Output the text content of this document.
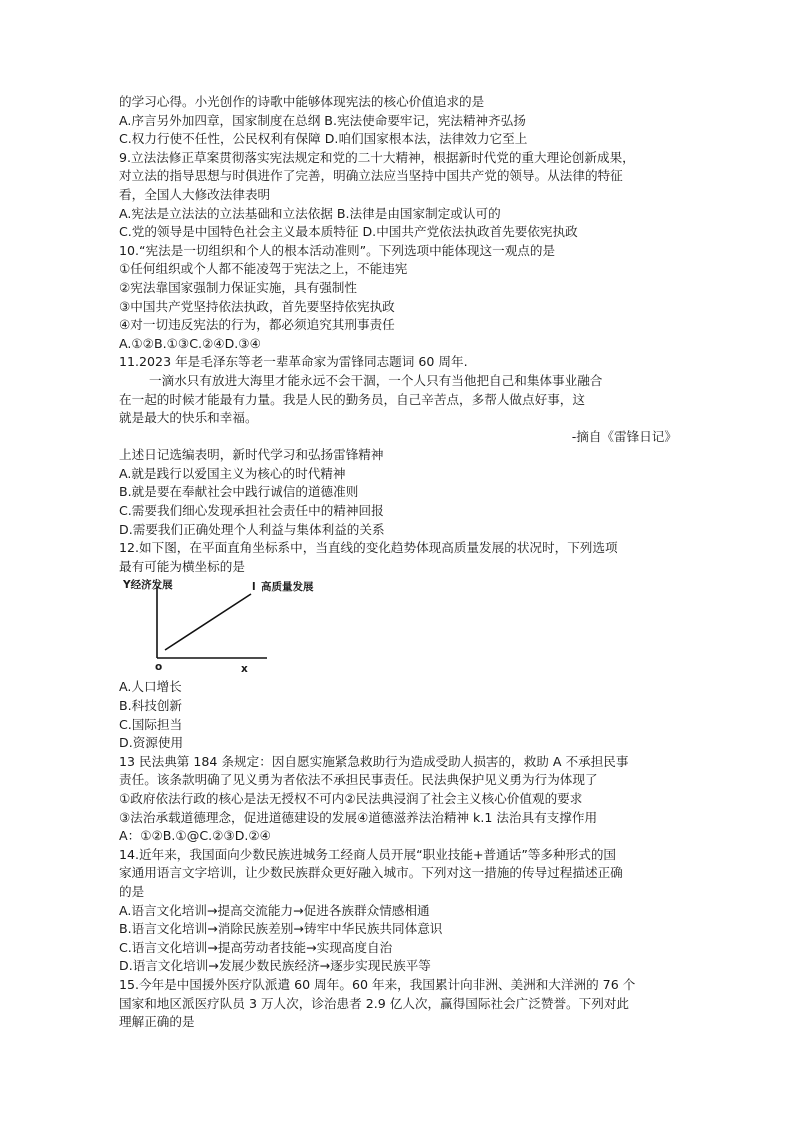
的学习心得。小光创作的诗歌中能够体现宪法的核心价值追求的是
A.序言另外加四章，国家制度在总纲 B.宪法使命要牢记，宪法精神齐弘扬
C.权力行使不任性，公民权利有保障 D.咱们国家根本法，法律效力它至上
9.立法法修正草案贯彻落实宪法规定和党的二十大精神，根据新时代党的重大理论创新成果，
对立法的指导思想与时俱进作了完善，明确立法应当坚持中国共产党的领导。从法律的特征
看，全国人大修改法律表明
A.宪法是立法法的立法基础和立法依据 B.法律是由国家制定或认可的
C.党的领导是中国特色社会主义最本质特征 D.中国共产党依法执政首先要依宪执政
10.“宪法是一切组织和个人的根本活动准则”。下列选项中能体现这一观点的是
①任何组织或个人都不能凌驾于宪法之上，不能违宪
②宪法靠国家强制力保证实施，具有强制性
③中国共产党坚持依法执政，首先要坚持依宪执政
④对一切违反宪法的行为，都必须追究其刑事责任
A.①②B.①③C.②④D.③④
11.2023 年是毛泽东等老一辈革命家为雷锋同志题词 60 周年.
一滴水只有放进大海里才能永远不会干涸，一个人只有当他把自己和集体事业融合
在一起的时候才能最有力量。我是人民的勤务员，自己辛苦点，多帮人做点好事，这
就是最大的快乐和幸福。
-摘自《雷锋日记》
上述日记选编表明，新时代学习和弘扬雷锋精神
A.就是践行以爱国主义为核心的时代精神
B.就是要在奉献社会中践行诚信的道德准则
C.需要我们细心发现承担社会责任中的精神回报
D.需要我们正确处理个人利益与集体利益的关系
12.如下图，在平面直角坐标系中，当直线的变化趋势体现高质量发展的状况时，下列选项
最有可能为横坐标的是
Y经济发展	l 高质量发展
o	x
A.人口增长
B.科技创新
C.国际担当
D.资源使用
13 民法典第 184 条规定：因自愿实施紧急救助行为造成受助人损害的，救助 A 不承担民事
责任。该条款明确了见义勇为者依法不承担民事责任。民法典保护见义勇为行为体现了
①政府依法行政的核心是法无授权不可内②民法典浸润了社会主义核心价值观的要求
③法治承载道德理念，促进道德建设的发展④道德滋养法治精神 k.1 法治具有支撑作用
A：①②B.①@C.②③D.②④
14.近年来，我国面向少数民族进城务工经商人员开展“职业技能+普通话”等多种形式的国
家通用语言文字培训，让少数民族群众更好融入城市。下列对这一措施的传导过程描述正确
的是
A.语言文化培训→提高交流能力→促进各族群众情感相通
B.语言文化培训→消除民族差别→铸牢中华民族共同体意识
C.语言文化培训→提高劳动者技能→实现高度自治
D.语言文化培训→发展少数民族经济→逐步实现民族平等
15.今年是中国援外医疗队派遣 60 周年。60 年来，我国累计向非洲、美洲和大洋洲的 76 个
国家和地区派医疗队员 3 万人次，诊治患者 2.9 亿人次，赢得国际社会广泛赞誉。下列对此
理解正确的是
